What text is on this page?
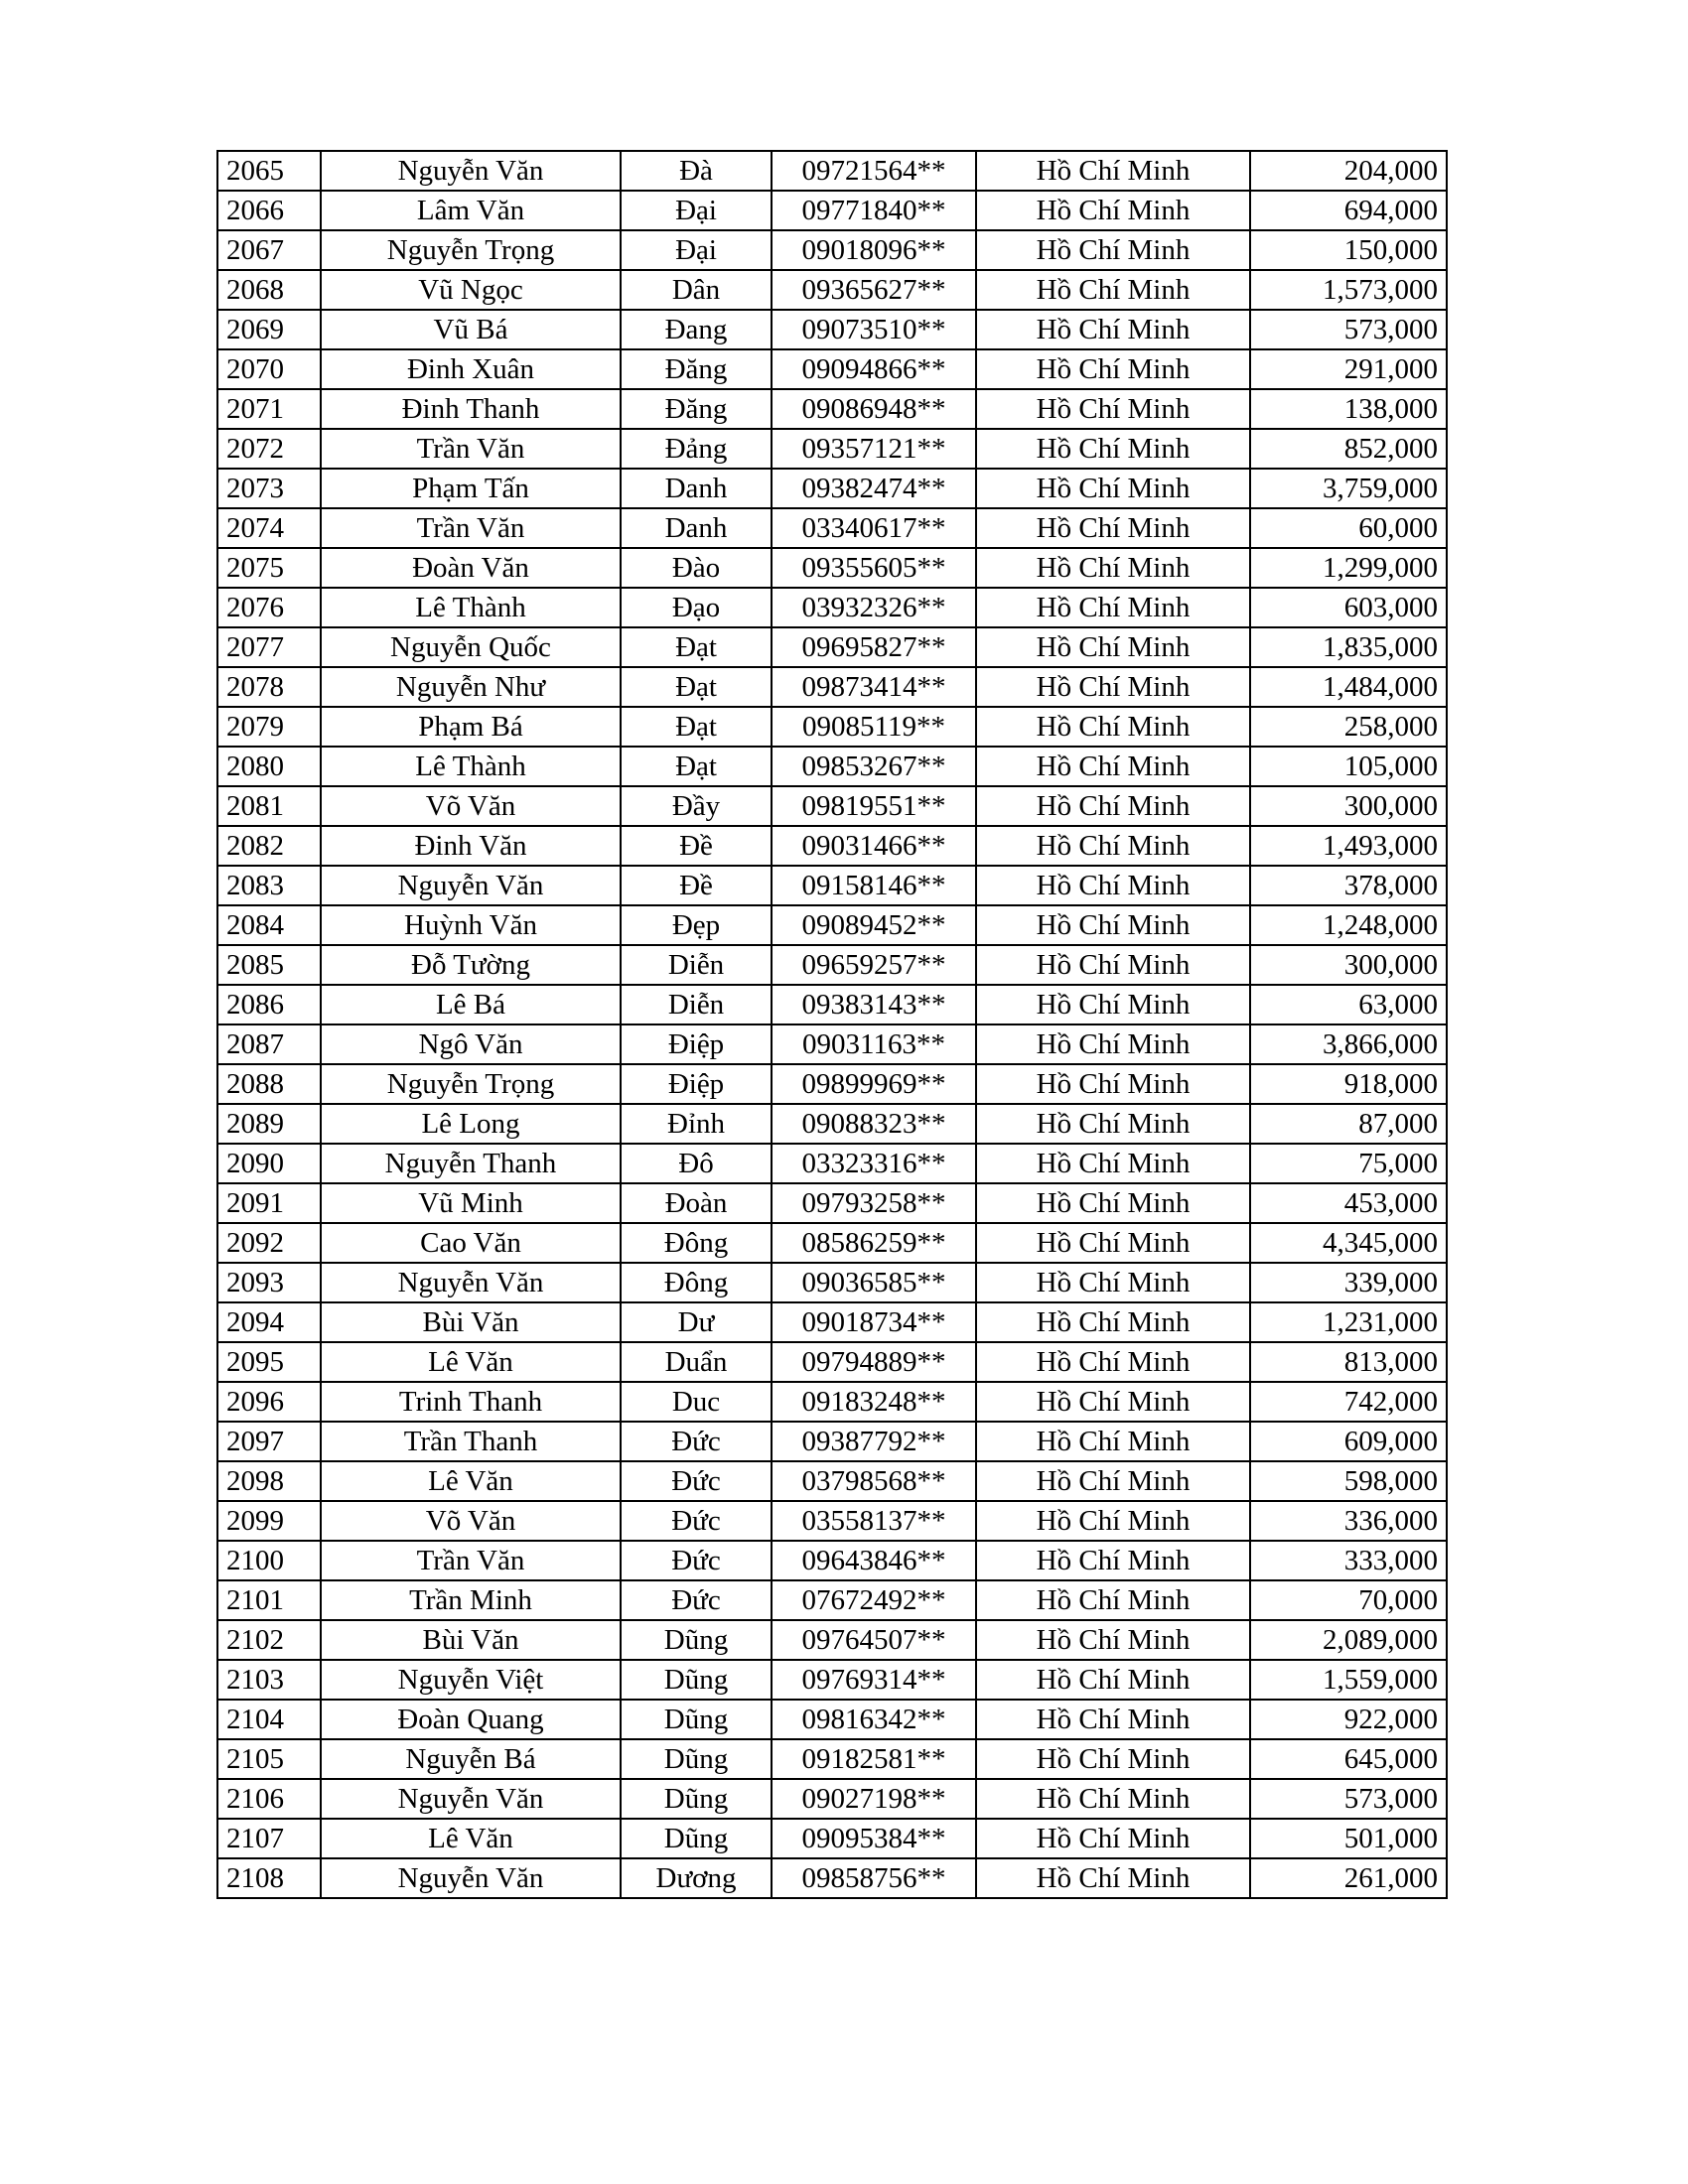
2065	Nguyễn Văn	Đà	09721564**	Hồ Chí Minh	204,000
2066	Lâm Văn	Đại	09771840**	Hồ Chí Minh	694,000
2067	Nguyễn Trọng	Đại	09018096**	Hồ Chí Minh	150,000
2068	Vũ Ngọc	Dân	09365627**	Hồ Chí Minh	1,573,000
2069	Vũ Bá	Đang	09073510**	Hồ Chí Minh	573,000
2070	Đinh Xuân	Đăng	09094866**	Hồ Chí Minh	291,000
2071	Đinh Thanh	Đăng	09086948**	Hồ Chí Minh	138,000
2072	Trần Văn	Đảng	09357121**	Hồ Chí Minh	852,000
2073	Phạm Tấn	Danh	09382474**	Hồ Chí Minh	3,759,000
2074	Trần Văn	Danh	03340617**	Hồ Chí Minh	60,000
2075	Đoàn Văn	Đào	09355605**	Hồ Chí Minh	1,299,000
2076	Lê Thành	Đạo	03932326**	Hồ Chí Minh	603,000
2077	Nguyễn Quốc	Đạt	09695827**	Hồ Chí Minh	1,835,000
2078	Nguyễn Như	Đạt	09873414**	Hồ Chí Minh	1,484,000
2079	Phạm Bá	Đạt	09085119**	Hồ Chí Minh	258,000
2080	Lê Thành	Đạt	09853267**	Hồ Chí Minh	105,000
2081	Võ Văn	Đầy	09819551**	Hồ Chí Minh	300,000
2082	Đinh Văn	Đề	09031466**	Hồ Chí Minh	1,493,000
2083	Nguyễn Văn	Đề	09158146**	Hồ Chí Minh	378,000
2084	Huỳnh Văn	Đẹp	09089452**	Hồ Chí Minh	1,248,000
2085	Đỗ Tường	Diễn	09659257**	Hồ Chí Minh	300,000
2086	Lê Bá	Diễn	09383143**	Hồ Chí Minh	63,000
2087	Ngô Văn	Điệp	09031163**	Hồ Chí Minh	3,866,000
2088	Nguyễn Trọng	Điệp	09899969**	Hồ Chí Minh	918,000
2089	Lê Long	Đỉnh	09088323**	Hồ Chí Minh	87,000
2090	Nguyễn Thanh	Đô	03323316**	Hồ Chí Minh	75,000
2091	Vũ Minh	Đoàn	09793258**	Hồ Chí Minh	453,000
2092	Cao Văn	Đông	08586259**	Hồ Chí Minh	4,345,000
2093	Nguyễn Văn	Đông	09036585**	Hồ Chí Minh	339,000
2094	Bùi Văn	Dư	09018734**	Hồ Chí Minh	1,231,000
2095	Lê Văn	Duẩn	09794889**	Hồ Chí Minh	813,000
2096	Trinh Thanh	Duc	09183248**	Hồ Chí Minh	742,000
2097	Trần Thanh	Đức	09387792**	Hồ Chí Minh	609,000
2098	Lê Văn	Đức	03798568**	Hồ Chí Minh	598,000
2099	Võ Văn	Đức	03558137**	Hồ Chí Minh	336,000
2100	Trần Văn	Đức	09643846**	Hồ Chí Minh	333,000
2101	Trần Minh	Đức	07672492**	Hồ Chí Minh	70,000
2102	Bùi Văn	Dũng	09764507**	Hồ Chí Minh	2,089,000
2103	Nguyễn Việt	Dũng	09769314**	Hồ Chí Minh	1,559,000
2104	Đoàn Quang	Dũng	09816342**	Hồ Chí Minh	922,000
2105	Nguyễn Bá	Dũng	09182581**	Hồ Chí Minh	645,000
2106	Nguyễn Văn	Dũng	09027198**	Hồ Chí Minh	573,000
2107	Lê Văn	Dũng	09095384**	Hồ Chí Minh	501,000
2108	Nguyễn Văn	Dương	09858756**	Hồ Chí Minh	261,000
